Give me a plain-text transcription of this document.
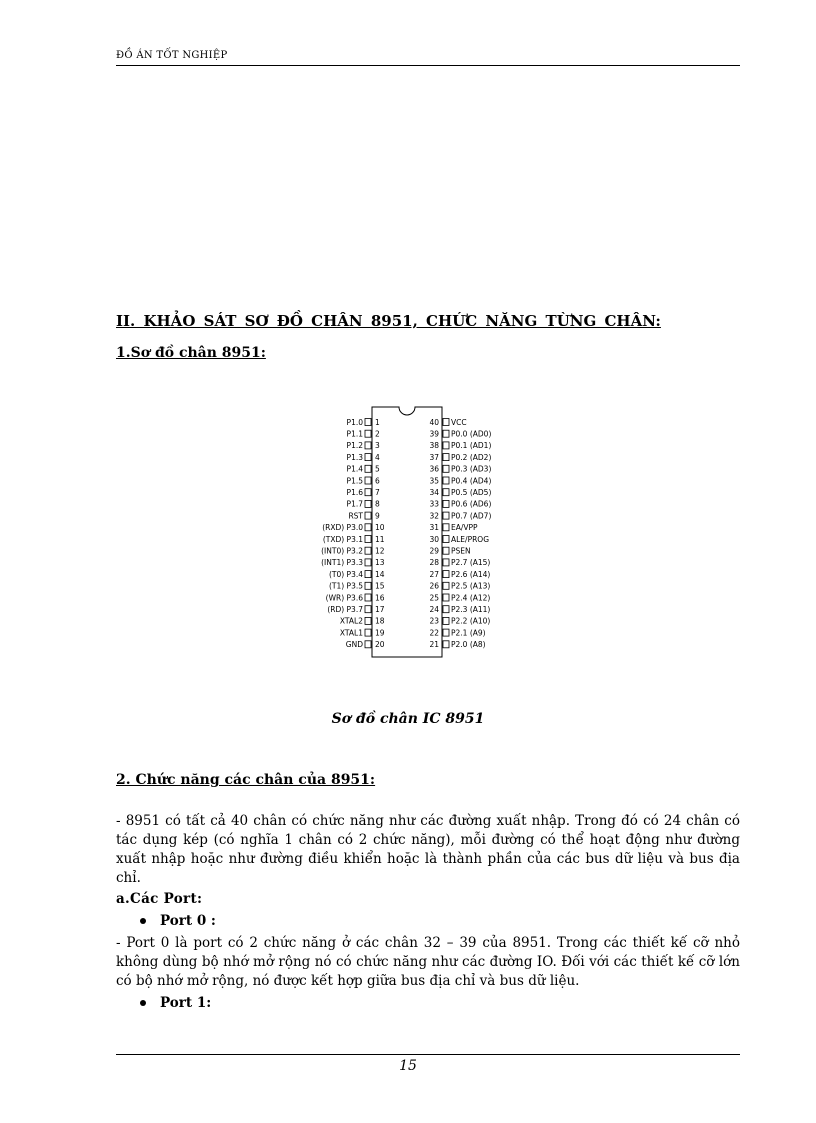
ĐỒ ÁN TỐT NGHIỆP
II. KHẢO SÁT SƠ ĐỒ CHÂN 8951, CHỨC NĂNG TỪNG CHÂN:
1.Sơ đồ chân 8951:
P1.0 1
P1.1 2
P1.2 3
P1.3 4
P1.4 5
P1.5 6
P1.6 7
P1.7 8
RST 9
(RXD) P3.0 10
(TXD) P3.1 11
(INT0) P3.2 12
(INT1) P3.3 13
(T0) P3.4 14
(T1) P3.5 15
(WR) P3.6 16
(RD) P3.7 17
XTAL2 18
XTAL1 19
GND 20
40 VCC
39 P0.0 (AD0)
38 P0.1 (AD1)
37 P0.2 (AD2)
36 P0.3 (AD3)
35 P0.4 (AD4)
34 P0.5 (AD5)
33 P0.6 (AD6)
32 P0.7 (AD7)
31 EA/VPP
30 ALE/PROG
29 PSEN
28 P2.7 (A15)
27 P2.6 (A14)
26 P2.5 (A13)
25 P2.4 (A12)
24 P2.3 (A11)
23 P2.2 (A10)
22 P2.1 (A9)
21 P2.0 (A8)
Sơ đồ chân IC 8951
2. Chức năng các chân của 8951:
- 8951 có tất cả 40 chân có chức năng như các đường xuất nhập. Trong đó có 24 chân có tác dụng kép (có nghĩa 1 chân có 2 chức năng), mỗi đường có thể hoạt động như đường xuất nhập hoặc như đường điều khiển hoặc là thành phần của các bus dữ liệu và bus địa chỉ.
a.Các Port:
Port 0 :
- Port 0 là port có 2 chức năng ở các chân 32 – 39 của 8951. Trong các thiết kế cỡ nhỏ không dùng bộ nhớ mở rộng nó có chức năng như các đường IO. Đối với các thiết kế cỡ lớn có bộ nhớ mở rộng, nó được kết hợp giữa bus địa chỉ và bus dữ liệu.
Port 1:
15
